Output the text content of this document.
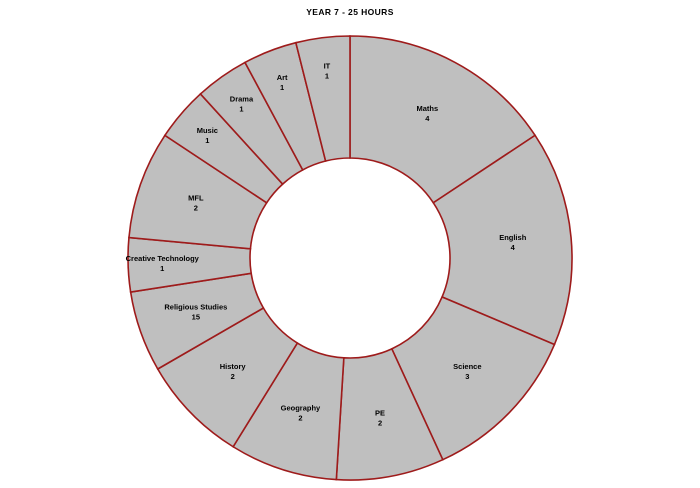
YEAR 7 - 25 HOURS
Maths
4
English
4
Science
3
PE
2
Geography
2
History
2
Religious Studies
15
Creative Technology
1
MFL
2
Music
1
Drama
1
Art
1
IT
1
